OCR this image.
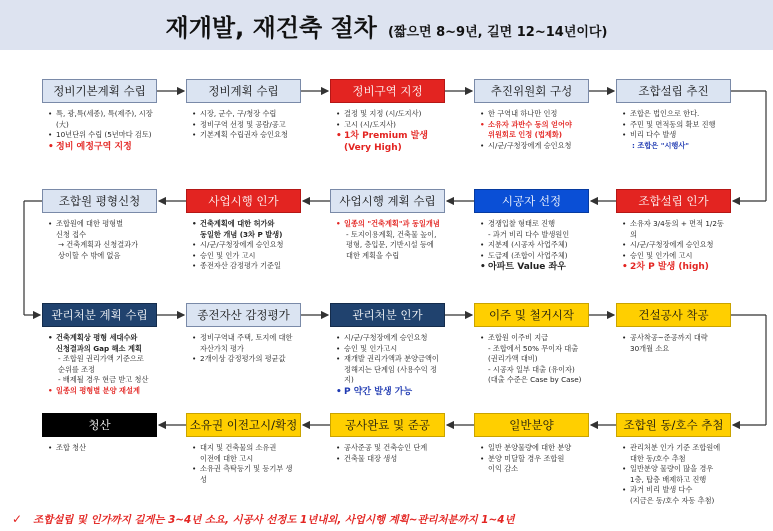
재개발, 재건축 절차 (짧으면 8~9년, 길면 12~14년이다)
정비기본계획 수립
• 특, 광,특(세종), 특(제주), 시장(大)
• 10년단위 수립 (5년마다 검토)
• 정비 예정구역 지정
정비계획 수립
• 시장, 군수, 구/청장 수립
• 정비구역 선정 및 공람/공고
• 기본계획 수립권자 승인요청
정비구역 지정
• 결정 및 지정 (시/도지사)
• 고시 (시/도지사)
• 1차 Premium 발생
(Very High)
추진위원회 구성
• 한 구역내 하나만 인정
• 소유자 과반수 동의 얻어야
위원회로 인정 (법제화)
• 시/군/구청장에게 승인요청
조합설립 추진
• 조합은 법인으로 한다.
• 주민 및 면적동의 확보 진행
• 비리 다수 발생
: 조합은 "시행사"
조합원 평형신청
• 조합원에 대한 평형별
신청 접수
→ 건축계획과 신청결과가
상이할 수 밖에 없음
사업시행 인가
• 건축계획에 대한 허가와
동일한 개념 (3차 P 발생)
• 시/군/구청장에게 승인요청
• 승인 및 인가 고시
• 종전자산 감정평가 기준일
사업시행 계획 수립
• 일종의 "건축계획"과 동일개념
- 토지이용계획, 건축물 높이,
평형, 층입문, 기반시설 등에
대한 계획을 수립
시공자 선정
• 경쟁입찰 형태로 진행
- 과거 비리 다수 발생원인
• 지분제 (시공자 사업주체)
• 도급제 (조합이 사업주체)
• 아파트 Value 좌우
조합설립 인가
• 소유자 3/4동의 + 면적 1/2동의
• 시/군/구청장에게 승인요청
• 승인 및 인가에 고시
• 2차 P 발생 (high)
관리처분 계획 수립
• 건축계획상 평형 세대수와
신청결과의 Gap 해소 계획
- 조합원 권리가액 기준으로
순위를 조정
- 배제될 경우 현금 받고 청산
• 일종의 평형별 분양 재설계
종전자산 감정평가
• 정비구역내 주택, 토지에 대한
자산가치 평가
• 2개이상 감정평가의 평균값
관리처분 인가
• 시/군/구청장에게 승인요청
• 승인 및 인가고시
• 재개발 권리가액과 분양금액이
정해지는 단계임 (사용수익 정지)
• P 약간 발생 가능
이주 및 철거시작
• 조합원 이주비 지급
- 조합에서 50% 무이자 대출
(권리가액 대비)
- 시공자 일부 대출 (유이자)
(대출 수준은 Case by Case)
건설공사 착공
• 공사착공~준공까지 대략
30개월 소요
청산
• 조합 청산
소유권 이전고시/확정
• 대지 및 건축물의 소유권
이전에 대한 고시
• 소유권 측탁등기 및 등기부 생성
공사완료 및 준공
• 공사준공 및 건축승인 단계
• 건축물 대장 생성
일반분양
• 일반 분양물량에 대한 분양
• 분양 미달할 경우 조합원
이익 감소
조합원 동/호수 추첨
• 관리처분 인가 기준 조합원에
대한 동/호수 추첨
• 일반분양 물량이 많을 경우
1층, 탑층 배제하고 진행
• 과거 비리 발생 다수
(지금은 동/호수 자동 추첨)
✓ 조합설립 및 인가까지 길게는 3~4년 소요, 시공사 선정도 1년내외, 사업시행 계획~관리처분까지 1~4년
